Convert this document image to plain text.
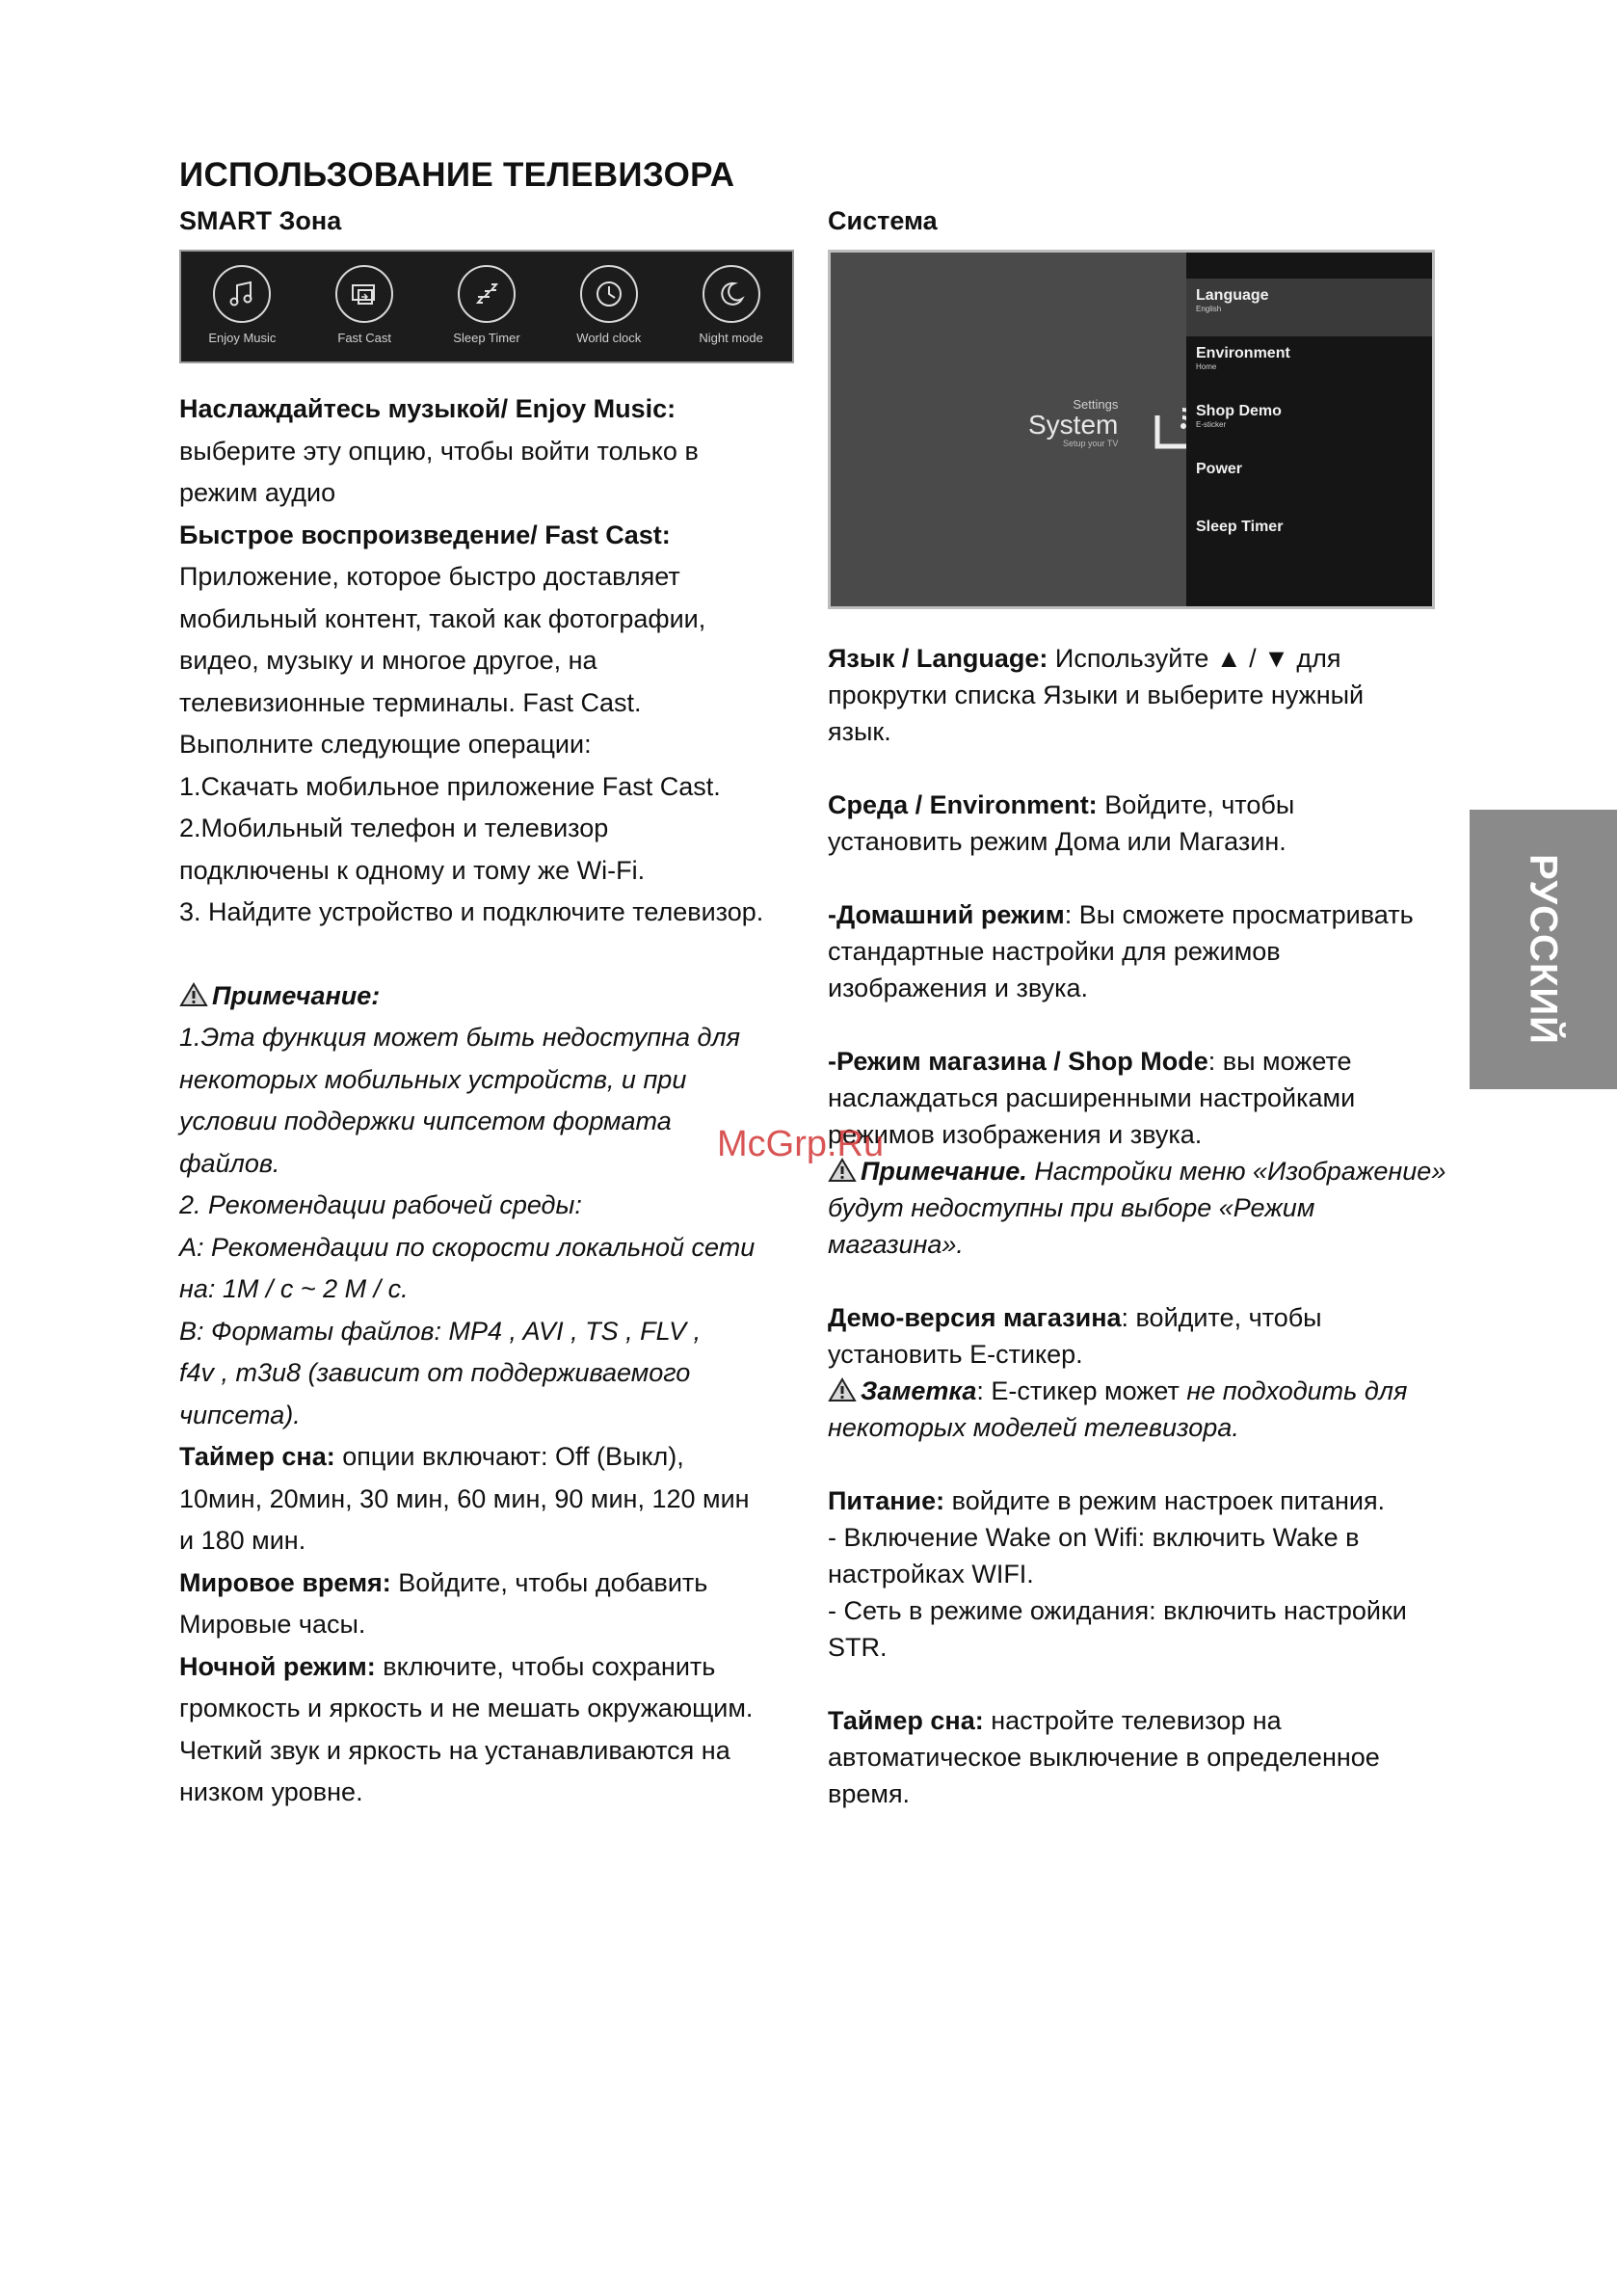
ИСПОЛЬЗОВАНИЕ ТЕЛЕВИЗОРА
SMART Зона
Enjoy Music	Fast Cast	Sleep Timer	World clock	Night mode

Наслаждайтесь музыкой/ Enjoy Music:

выберите эту опцию, чтобы войти только в

режим аудио

Быстрое воспроизведение/ Fast Cast:

Приложение, которое быстро доставляет

мобильный контент, такой как фотографии,

видео, музыку и многое другое, на

телевизионные терминалы. Fast Cast.

Выполните следующие операции:

1.Скачать мобильное приложение Fast Cast.

2.Мобильный телефон и телевизор

подключены к одному и тому же Wi-Fi.

3. Найдите устройство и подключите телевизор.

Примечание:

1.Эта функция может быть недоступна для

некоторых мобильных устройств, и при

условии поддержки чипсетом формата

файлов.

2. Рекомендации рабочей среды:

A: Рекомендации по скорости локальной сети

на: 1M / c ~ 2 M / c.

B: Форматы файлов: MP4 , AVI , TS , FLV ,

f4v , m3u8 (зависит от поддерживаемого

чипсета).

Таймер сна: опции включают: Off (Выкл),

10мин, 20мин, 30 мин, 60 мин, 90 мин, 120 мин

и 180 мин.

Мировое время: Войдите, чтобы добавить

Мировые часы.

Ночной режим: включите, чтобы сохранить

громкость и яркость и не мешать окружающим.

Четкий звук и яркость на устанавливаются на

низком уровне.

Система
Settings
System
Setup your TV
Language
English
Environment
Home
Shop Demo
E-sticker
Power
Sleep Timer

Язык / Language: Используйте ▲ / ▼ для

прокрутки списка Языки и выберите нужный

язык.

Среда / Environment: Войдите, чтобы

установить режим Дома или Магазин.

-Домашний режим: Вы сможете просматривать

стандартные настройки для режимов

изображения и звука.

-Режим магазина / Shop Mode: вы можете

наслаждаться расширенными настройками

режимов изображения и звука.

Примечание. Настройки меню «Изображение»

будут недоступны при выборе «Режим

магазина».

Демо-версия магазина: войдите, чтобы

установить E-стикер.

Заметка: E-стикер может не подходить для

некоторых моделей телевизора.

Питание: войдите в режим настроек питания.

- Включение Wake on Wifi: включить Wake в

настройках WIFI.

- Сеть в режиме ожидания: включить настройки

STR.

Таймер сна: настройте телевизор на

автоматическое выключение в определенное

время.

РУССКИЙ
McGrp.Ru
